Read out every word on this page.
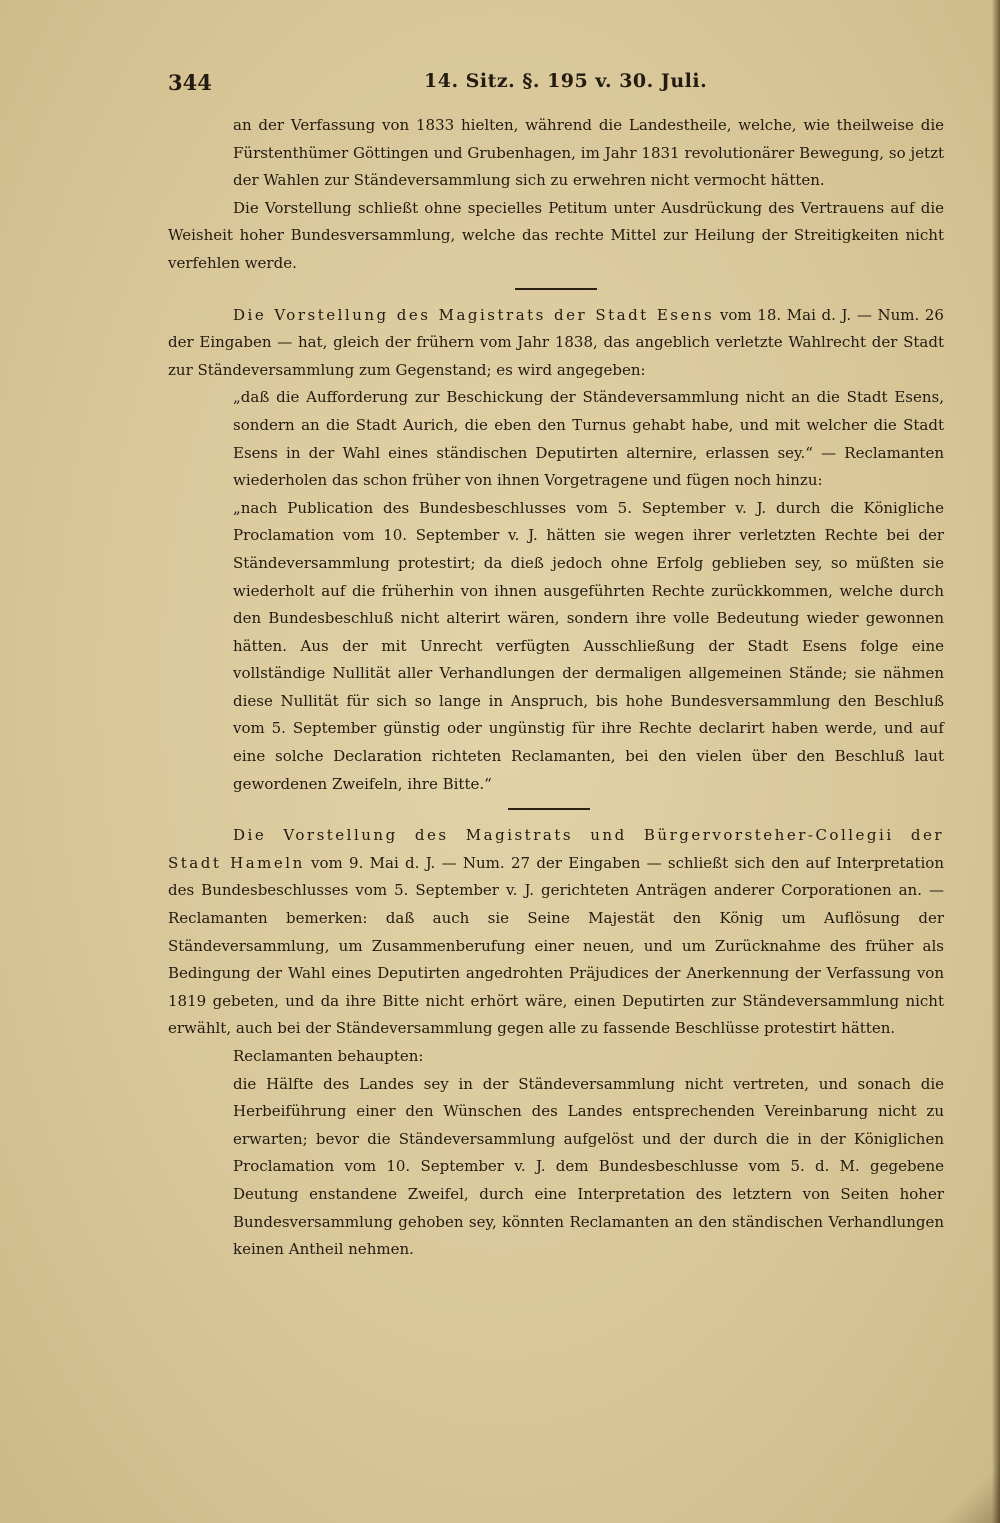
344	14. Sitz. §. 195 v. 30. Juli.

an der Verfassung von 1833 hielten, während die Landestheile, welche, wie theilweise die Fürstenthümer Göttingen und Grubenhagen, im Jahr 1831 revolutionärer Bewegung, so jetzt der Wahlen zur Ständeversammlung sich zu erwehren nicht vermocht hätten.

Die Vorstellung schließt ohne specielles Petitum unter Ausdrückung des Vertrauens auf die Weisheit hoher Bundesversammlung, welche das rechte Mittel zur Heilung der Streitigkeiten nicht verfehlen werde.

Die Vorstellung des Magistrats der Stadt Esens vom 18. Mai d. J. — Num. 26 der Eingaben — hat, gleich der frühern vom Jahr 1838, das angeblich verletzte Wahlrecht der Stadt zur Ständeversammlung zum Gegenstand; es wird angegeben:

„daß die Aufforderung zur Beschickung der Ständeversammlung nicht an die Stadt Esens, sondern an die Stadt Aurich, die eben den Turnus gehabt habe, und mit welcher die Stadt Esens in der Wahl eines ständischen Deputirten alternire, erlassen sey.“ — Reclamanten wiederholen das schon früher von ihnen Vorgetragene und fügen noch hinzu:

„nach Publication des Bundesbeschlusses vom 5. September v. J. durch die Königliche Proclamation vom 10. September v. J. hätten sie wegen ihrer verletzten Rechte bei der Ständeversammlung protestirt; da dieß jedoch ohne Erfolg geblieben sey, so müßten sie wiederholt auf die früherhin von ihnen ausgeführten Rechte zurückkommen, welche durch den Bundesbeschluß nicht alterirt wären, sondern ihre volle Bedeutung wieder gewonnen hätten. Aus der mit Unrecht verfügten Ausschließung der Stadt Esens folge eine vollständige Nullität aller Verhandlungen der dermaligen allgemeinen Stände; sie nähmen diese Nullität für sich so lange in Anspruch, bis hohe Bundesversammlung den Beschluß vom 5. September günstig oder ungünstig für ihre Rechte declarirt haben werde, und auf eine solche Declaration richteten Reclamanten, bei den vielen über den Beschluß laut gewordenen Zweifeln, ihre Bitte.“

Die Vorstellung des Magistrats und Bürgervorsteher-Collegii der Stadt Hameln vom 9. Mai d. J. — Num. 27 der Eingaben — schließt sich den auf Interpretation des Bundesbeschlusses vom 5. September v. J. gerichteten Anträgen anderer Corporationen an. — Reclamanten bemerken: daß auch sie Seine Majestät den König um Auflösung der Ständeversammlung, um Zusammenberufung einer neuen, und um Zurücknahme des früher als Bedingung der Wahl eines Deputirten angedrohten Präjudices der Anerkennung der Verfassung von 1819 gebeten, und da ihre Bitte nicht erhört wäre, einen Deputirten zur Ständeversammlung nicht erwählt, auch bei der Ständeversammlung gegen alle zu fassende Beschlüsse protestirt hätten.

Reclamanten behaupten:

die Hälfte des Landes sey in der Ständeversammlung nicht vertreten, und sonach die Herbeiführung einer den Wünschen des Landes entsprechenden Vereinbarung nicht zu erwarten; bevor die Ständeversammlung aufgelöst und der durch die in der Königlichen Proclamation vom 10. September v. J. dem Bundesbeschlusse vom 5. d. M. gegebene Deutung enstandene Zweifel, durch eine Interpretation des letztern von Seiten hoher Bundesversammlung gehoben sey, könnten Reclamanten an den ständischen Verhandlungen keinen Antheil nehmen.
